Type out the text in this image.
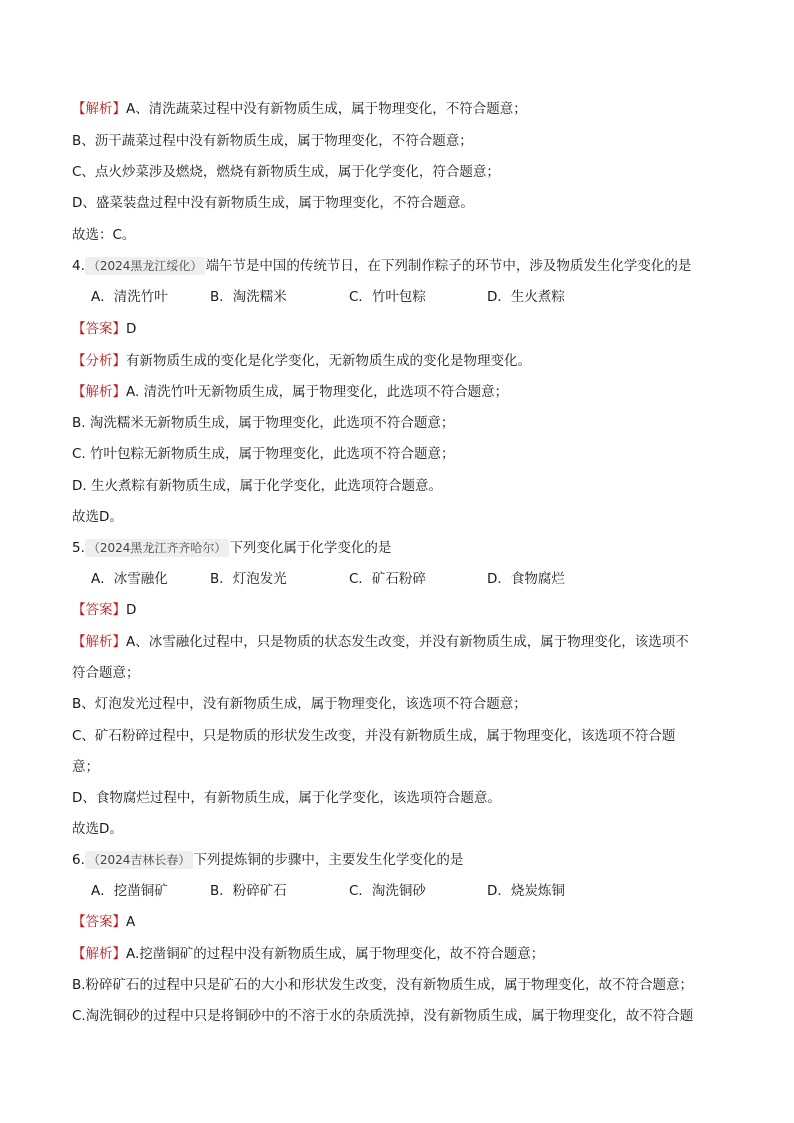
【解析】A、清洗蔬菜过程中没有新物质生成，属于物理变化，不符合题意；
B、沥干蔬菜过程中没有新物质生成，属于物理变化，不符合题意；
C、点火炒菜涉及燃烧，燃烧有新物质生成，属于化学变化，符合题意；
D、盛菜装盘过程中没有新物质生成，属于物理变化，不符合题意。
故选：C。
4. （2024黑龙江绥化） 端午节是中国的传统节日，在下列制作粽子的环节中，涉及物质发生化学变化的是
A．清洗竹叶	B．淘洗糯米	C．竹叶包粽	D．生火煮粽
【答案】D
【分析】有新物质生成的变化是化学变化，无新物质生成的变化是物理变化。
【解析】A. 清洗竹叶无新物质生成，属于物理变化，此选项不符合题意；
B. 淘洗糯米无新物质生成，属于物理变化，此选项不符合题意；
C. 竹叶包粽无新物质生成，属于物理变化，此选项不符合题意；
D. 生火煮粽有新物质生成，属于化学变化，此选项符合题意。
故选D。
5. （2024黑龙江齐齐哈尔） 下列变化属于化学变化的是
A．冰雪融化	B．灯泡发光	C．矿石粉碎	D．食物腐烂
【答案】D
【解析】A、冰雪融化过程中，只是物质的状态发生改变，并没有新物质生成，属于物理变化，该选项不
符合题意；
B、灯泡发光过程中，没有新物质生成，属于物理变化，该选项不符合题意；
C、矿石粉碎过程中，只是物质的形状发生改变，并没有新物质生成，属于物理变化，该选项不符合题
意；
D、食物腐烂过程中，有新物质生成，属于化学变化，该选项符合题意。
故选D。
6. （2024吉林长春） 下列提炼铜的步骤中，主要发生化学变化的是
A．挖凿铜矿	B．粉碎矿石	C．淘洗铜砂	D．烧炭炼铜
【答案】A
【解析】A.挖凿铜矿的过程中没有新物质生成，属于物理变化，故不符合题意；
B.粉碎矿石的过程中只是矿石的大小和形状发生改变，没有新物质生成，属于物理变化，故不符合题意；
C.淘洗铜砂的过程中只是将铜砂中的不溶于水的杂质洗掉，没有新物质生成，属于物理变化，故不符合题
